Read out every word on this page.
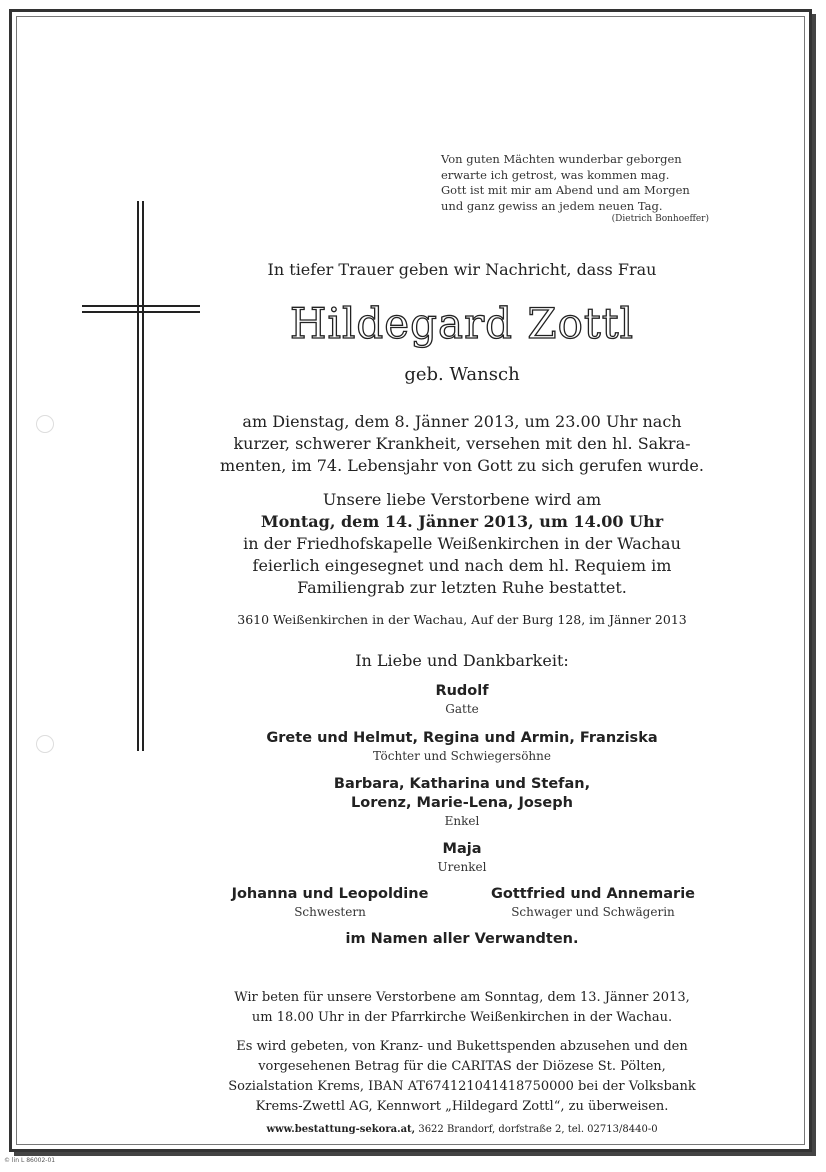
Von guten Mächten wunderbar geborgen
erwarte ich getrost, was kommen mag.
Gott ist mit mir am Abend und am Morgen
und ganz gewiss an jedem neuen Tag.
(Dietrich Bonhoeffer)
In tiefer Trauer geben wir Nachricht, dass Frau
Hildegard Zottl
geb. Wansch
am Dienstag, dem 8. Jänner 2013, um 23.00 Uhr nach
kurzer, schwerer Krankheit, versehen mit den hl. Sakra-
menten, im 74. Lebensjahr von Gott zu sich gerufen wurde.
Unsere liebe Verstorbene wird am
Montag, dem 14. Jänner 2013, um 14.00 Uhr
in der Friedhofskapelle Weißenkirchen in der Wachau
feierlich eingesegnet und nach dem hl. Requiem im
Familiengrab zur letzten Ruhe bestattet.
3610 Weißenkirchen in der Wachau, Auf der Burg 128, im Jänner 2013
In Liebe und Dankbarkeit:
Rudolf
Gatte
Grete und Helmut, Regina und Armin, Franziska
Töchter und Schwiegersöhne
Barbara, Katharina und Stefan,
Lorenz, Marie-Lena, Joseph
Enkel
Maja
Urenkel
Johanna und Leopoldine
Schwestern
Gottfried und Annemarie
Schwager und Schwägerin
im Namen aller Verwandten.
Wir beten für unsere Verstorbene am Sonntag, dem 13. Jänner 2013,
um 18.00 Uhr in der Pfarrkirche Weißenkirchen in der Wachau.
Es wird gebeten, von Kranz- und Bukettspenden abzusehen und den
vorgesehenen Betrag für die CARITAS der Diözese St. Pölten,
Sozialstation Krems, IBAN AT674121041418750000 bei der Volksbank
Krems-Zwettl AG, Kennwort „Hildegard Zottl“, zu überweisen.
www.bestattung-sekora.at, 3622 Brandorf, dorfstraße 2, tel. 02713/8440-0
© lin L 86002-01
